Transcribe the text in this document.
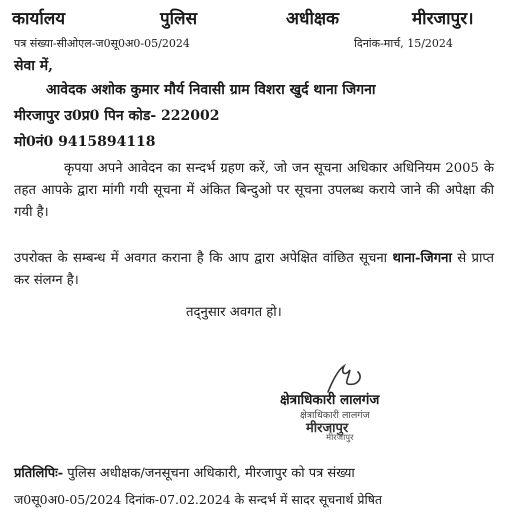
कार्यालय	पुलिस	अधीक्षक	मीरजापुर।
पत्र संख्या-सीओएल-ज0सू0अ0-05/2024	दिनांक-मार्च, 15/2024
सेवा में,
आवेदक अशोक कुमार मौर्य निवासी ग्राम विशरा खुर्द थाना जिगना
मीरजापुर उ0प्र0 पिन कोड- 222002
मो0नं0 9415894118
कृपया अपने आवेदन का सन्दर्भ ग्रहण करें, जो जन सूचना अधिकार अधिनियम 2005 के तहत आपके द्वारा मांगी गयी सूचना में अंकित बिन्दुओ पर सूचना उपलब्ध कराये जाने की अपेक्षा की गयी है।
उपरोक्त के सम्बन्ध में अवगत कराना है कि आप द्वारा अपेक्षित वांछित सूचना थाना-जिगना से प्राप्त कर संलग्न है।
तद्नुसार अवगत हो।
क्षेत्राधिकारी लालगंज
क्षेत्राधिकारी लालगंज
मीरजापुर
मीरजापुर
प्रतिलिपिः- पुलिस अधीक्षक/जनसूचना अधिकारी, मीरजापुर को पत्र संख्या
ज0सू0अ0-05/2024 दिनांक-07.02.2024 के सन्दर्भ में सादर सूचनार्थ प्रेषित
